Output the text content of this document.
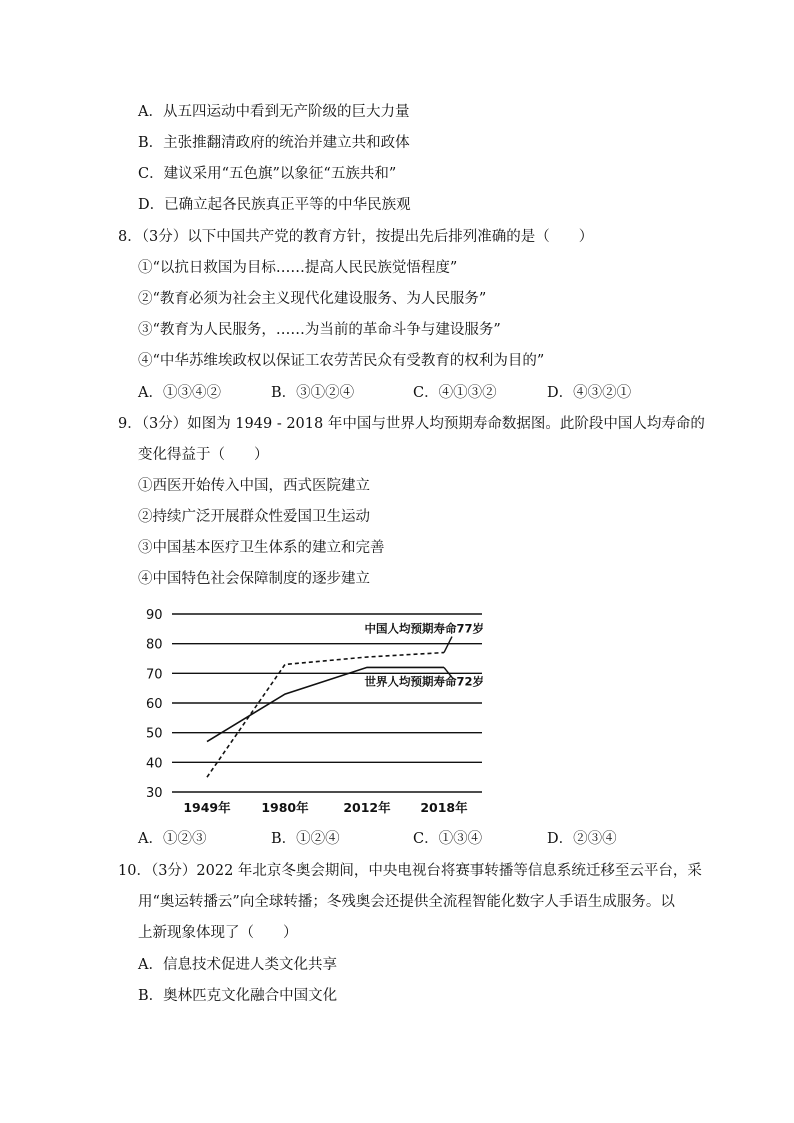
A．从五四运动中看到无产阶级的巨大力量
B．主张推翻清政府的统治并建立共和政体
C．建议采用“五色旗”以象征“五族共和”
D．已确立起各民族真正平等的中华民族观
8．（3分）以下中国共产党的教育方针，按提出先后排列准确的是（　　）
①“以抗日救国为目标……提高人民民族觉悟程度”
②“教育必须为社会主义现代化建设服务、为人民服务”
③“教育为人民服务，……为当前的革命斗争与建设服务”
④“中华苏维埃政权以保证工农劳苦民众有受教育的权利为目的”
A．①③④②	B．③①②④	C．④①③②	D．④③②①
9．（3分）如图为 1949 - 2018 年中国与世界人均预期寿命数据图。此阶段中国人均寿命的
变化得益于（　　）
①西医开始传入中国，西式医院建立
②持续广泛开展群众性爱国卫生运动
③中国基本医疗卫生体系的建立和完善
④中国特色社会保障制度的逐步建立
90
80
70
60
50
40
30
1949年 1980年	2012年 2018年
中国人均预期寿命77岁
世界人均预期寿命72岁
A．①②③	B．①②④	C．①③④	D．②③④
10．（3分）2022 年北京冬奥会期间，中央电视台将赛事转播等信息系统迁移至云平台，采
用“奥运转播云”向全球转播；冬残奥会还提供全流程智能化数字人手语生成服务。以
上新现象体现了（　　）
A．信息技术促进人类文化共享
B．奥林匹克文化融合中国文化
